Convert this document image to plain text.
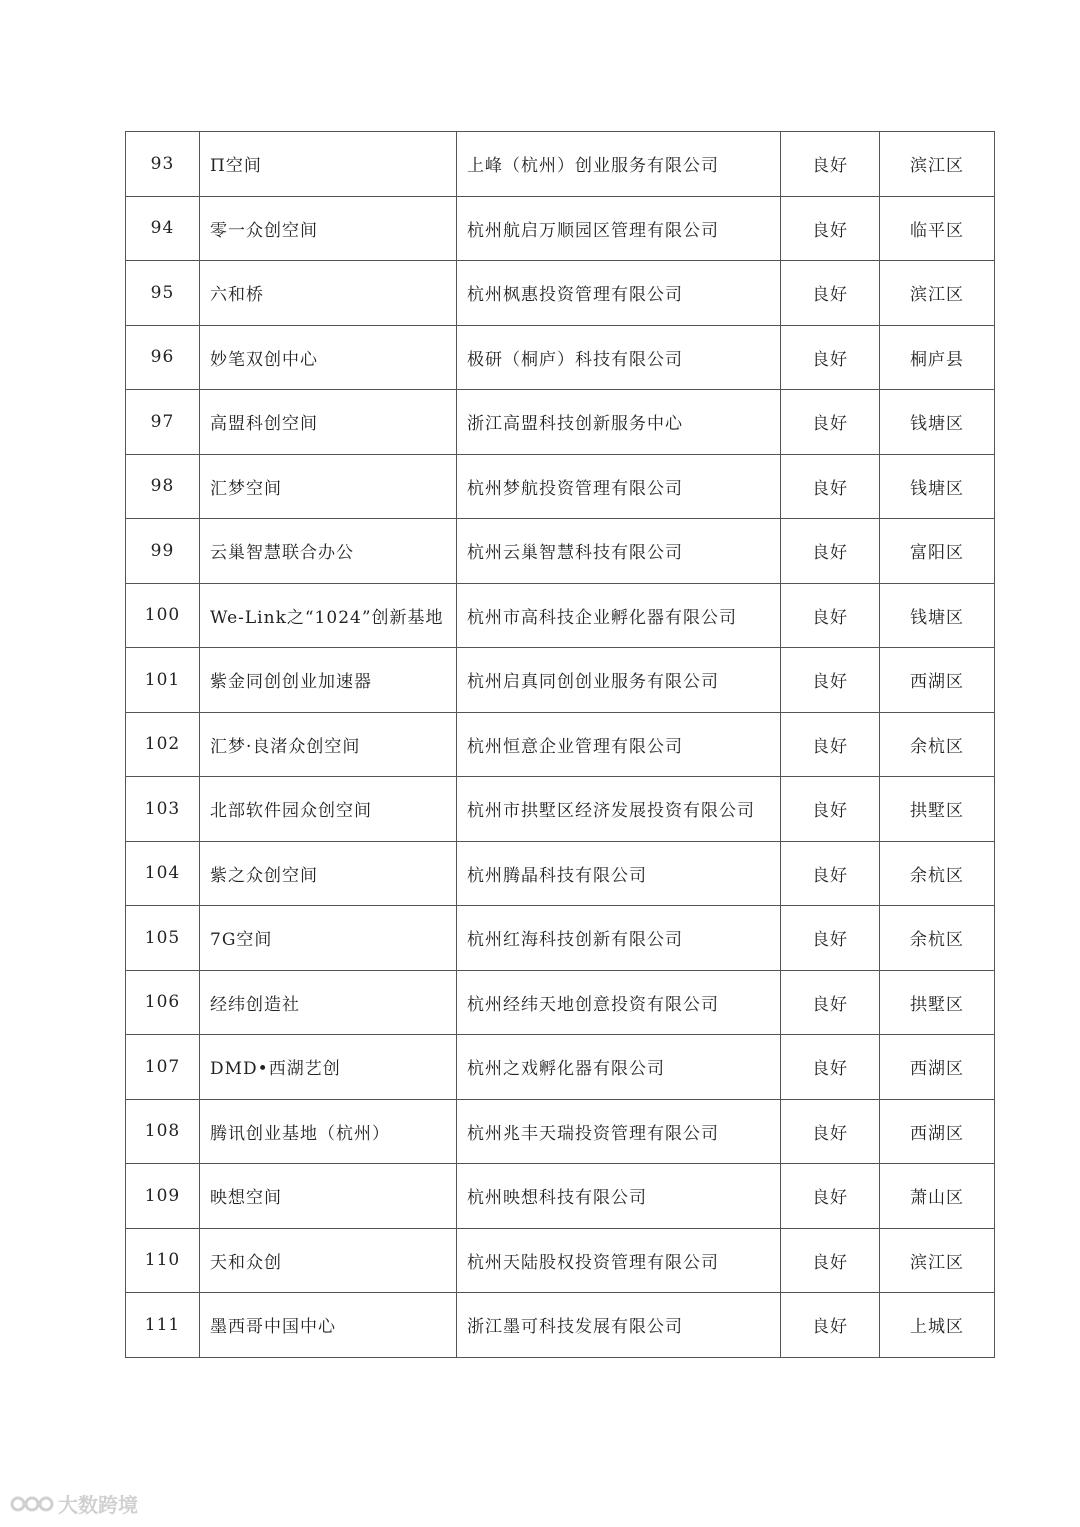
93	Π空间	上峰（杭州）创业服务有限公司	良好	滨江区
94	零一众创空间	杭州航启万顺园区管理有限公司	良好	临平区
95	六和桥	杭州枫惠投资管理有限公司	良好	滨江区
96	妙笔双创中心	极研（桐庐）科技有限公司	良好	桐庐县
97	高盟科创空间	浙江高盟科技创新服务中心	良好	钱塘区
98	汇梦空间	杭州梦航投资管理有限公司	良好	钱塘区
99	云巢智慧联合办公	杭州云巢智慧科技有限公司	良好	富阳区
100	We-Link之“1024”创新基地	杭州市高科技企业孵化器有限公司	良好	钱塘区
101	紫金同创创业加速器	杭州启真同创创业服务有限公司	良好	西湖区
102	汇梦·良渚众创空间	杭州恒意企业管理有限公司	良好	余杭区
103	北部软件园众创空间	杭州市拱墅区经济发展投资有限公司	良好	拱墅区
104	紫之众创空间	杭州腾晶科技有限公司	良好	余杭区
105	7G空间	杭州红海科技创新有限公司	良好	余杭区
106	经纬创造社	杭州经纬天地创意投资有限公司	良好	拱墅区
107	DMD•西湖艺创	杭州之戏孵化器有限公司	良好	西湖区
108	腾讯创业基地（杭州）	杭州兆丰天瑞投资管理有限公司	良好	西湖区
109	映想空间	杭州映想科技有限公司	良好	萧山区
110	天和众创	杭州天陆股权投资管理有限公司	良好	滨江区
111	墨西哥中国中心	浙江墨可科技发展有限公司	良好	上城区
大数跨境
